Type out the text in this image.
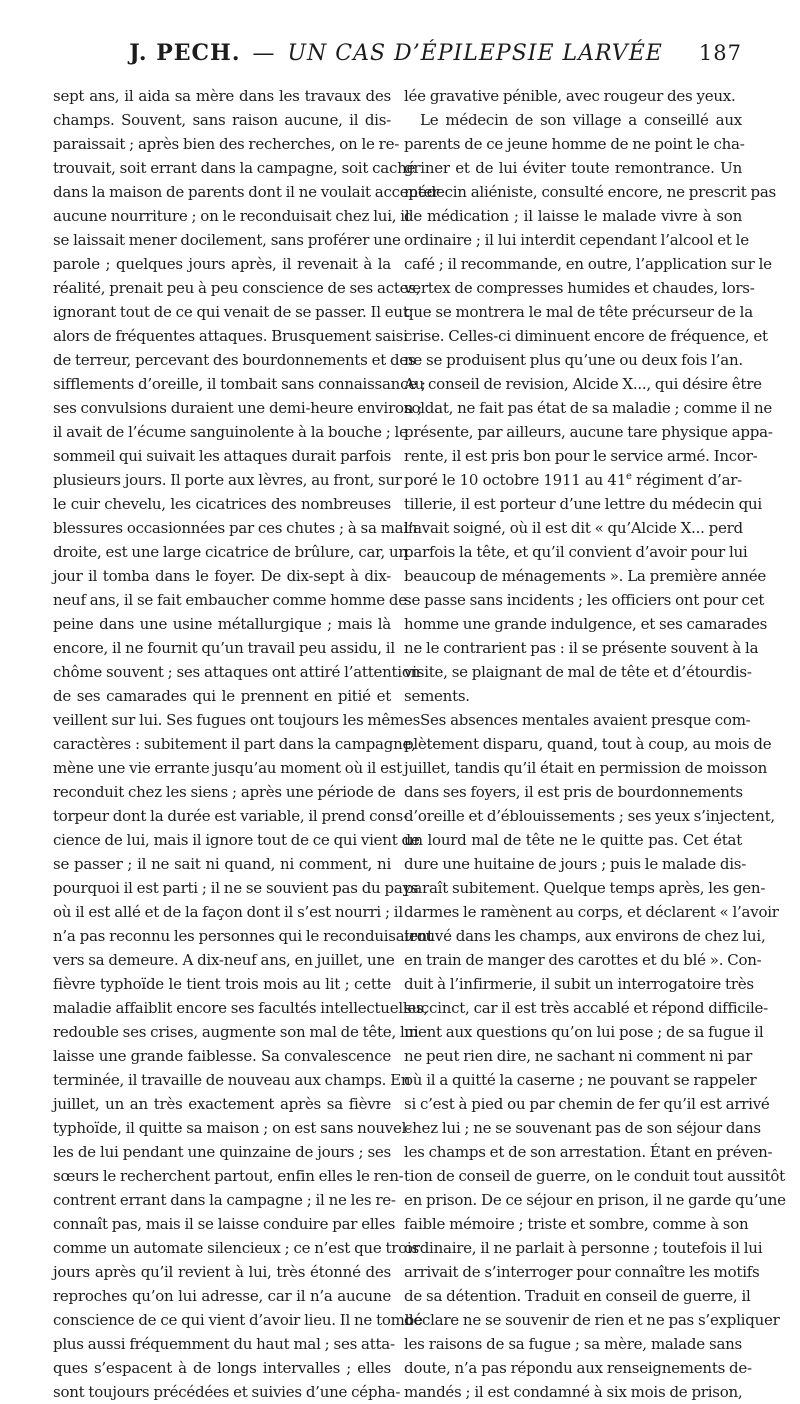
J. PECH. — UN CAS D’ÉPILEPSIE LARVÉE	187
sept ans, il aida sa mère dans les travaux des
champs. Souvent, sans raison aucune, il dis-
paraissait ; après bien des recherches, on le re-
trouvait, soit errant dans la campagne, soit caché
dans la maison de parents dont il ne voulait accepter
aucune nourriture ; on le reconduisait chez lui, il
se laissait mener docilement, sans proférer une
parole ; quelques jours après, il revenait à la
réalité, prenait peu à peu conscience de ses actes,
ignorant tout de ce qui venait de se passer. Il eut
alors de fréquentes attaques. Brusquement saisi
de terreur, percevant des bourdonnements et des
sifflements d’oreille, il tombait sans connaissance ;
ses convulsions duraient une demi-heure environ ;
il avait de l’écume sanguinolente à la bouche ; le
sommeil qui suivait les attaques durait parfois
plusieurs jours. Il porte aux lèvres, au front, sur
le cuir chevelu, les cicatrices des nombreuses
blessures occasionnées par ces chutes ; à sa main
droite, est une large cicatrice de brûlure, car, un
jour il tomba dans le foyer. De dix-sept à dix-
neuf ans, il se fait embaucher comme homme de
peine dans une usine métallurgique ; mais là
encore, il ne fournit qu’un travail peu assidu, il
chôme souvent ; ses attaques ont attiré l’attention
de ses camarades qui le prennent en pitié et
veillent sur lui. Ses fugues ont toujours les mêmes
caractères : subitement il part dans la campagne,
mène une vie errante jusqu’au moment où il est
reconduit chez les siens ; après une période de
torpeur dont la durée est variable, il prend cons-
cience de lui, mais il ignore tout de ce qui vient de
se passer ; il ne sait ni quand, ni comment, ni
pourquoi il est parti ; il ne se souvient pas du pays
où il est allé et de la façon dont il s’est nourri ; il
n’a pas reconnu les personnes qui le reconduisaient
vers sa demeure. A dix-neuf ans, en juillet, une
fièvre typhoïde le tient trois mois au lit ; cette
maladie affaiblit encore ses facultés intellectuelles,
redouble ses crises, augmente son mal de tête, lui
laisse une grande faiblesse. Sa convalescence
terminée, il travaille de nouveau aux champs. En
juillet, un an très exactement après sa fièvre
typhoïde, il quitte sa maison ; on est sans nouvel-
les de lui pendant une quinzaine de jours ; ses
sœurs le recherchent partout, enfin elles le ren-
contrent errant dans la campagne ; il ne les re-
connaît pas, mais il se laisse conduire par elles
comme un automate silencieux ; ce n’est que trois
jours après qu’il revient à lui, très étonné des
reproches qu’on lui adresse, car il n’a aucune
conscience de ce qui vient d’avoir lieu. Il ne tombe
plus aussi fréquemment du haut mal ; ses atta-
ques s’espacent à de longs intervalles ; elles
sont toujours précédées et suivies d’une cépha-
lée gravative pénible, avec rougeur des yeux.
Le médecin de son village a conseillé aux
parents de ce jeune homme de ne point le cha-
griner et de lui éviter toute remontrance. Un
médecin aliéniste, consulté encore, ne prescrit pas
de médication ; il laisse le malade vivre à son
ordinaire ; il lui interdit cependant l’alcool et le
café ; il recommande, en outre, l’application sur le
vertex de compresses humides et chaudes, lors-
que se montrera le mal de tête précurseur de la
crise. Celles-ci diminuent encore de fréquence, et
ne se produisent plus qu’une ou deux fois l’an.
Au conseil de revision, Alcide X..., qui désire être
soldat, ne fait pas état de sa maladie ; comme il ne
présente, par ailleurs, aucune tare physique appa-
rente, il est pris bon pour le service armé. Incor-
poré le 10 octobre 1911 au 41e régiment d’ar-
tillerie, il est porteur d’une lettre du médecin qui
l’avait soigné, où il est dit « qu’Alcide X... perd
parfois la tête, et qu’il convient d’avoir pour lui
beaucoup de ménagements ». La première année
se passe sans incidents ; les officiers ont pour cet
homme une grande indulgence, et ses camarades
ne le contrarient pas : il se présente souvent à la
visite, se plaignant de mal de tête et d’étourdis-
sements.
Ses absences mentales avaient presque com-
plètement disparu, quand, tout à coup, au mois de
juillet, tandis qu’il était en permission de moisson
dans ses foyers, il est pris de bourdonnements
d’oreille et d’éblouissements ; ses yeux s’injectent,
un lourd mal de tête ne le quitte pas. Cet état
dure une huitaine de jours ; puis le malade dis-
paraît subitement. Quelque temps après, les gen-
darmes le ramènent au corps, et déclarent « l’avoir
trouvé dans les champs, aux environs de chez lui,
en train de manger des carottes et du blé ». Con-
duit à l’infirmerie, il subit un interrogatoire très
succinct, car il est très accablé et répond difficile-
ment aux questions qu’on lui pose ; de sa fugue il
ne peut rien dire, ne sachant ni comment ni par
où il a quitté la caserne ; ne pouvant se rappeler
si c’est à pied ou par chemin de fer qu’il est arrivé
chez lui ; ne se souvenant pas de son séjour dans
les champs et de son arrestation. Étant en préven-
tion de conseil de guerre, on le conduit tout aussitôt
en prison. De ce séjour en prison, il ne garde qu’une
faible mémoire ; triste et sombre, comme à son
ordinaire, il ne parlait à personne ; toutefois il lui
arrivait de s’interroger pour connaître les motifs
de sa détention. Traduit en conseil de guerre, il
déclare ne se souvenir de rien et ne pas s’expliquer
les raisons de sa fugue ; sa mère, malade sans
doute, n’a pas répondu aux renseignements de-
mandés ; il est condamné à six mois de prison,
